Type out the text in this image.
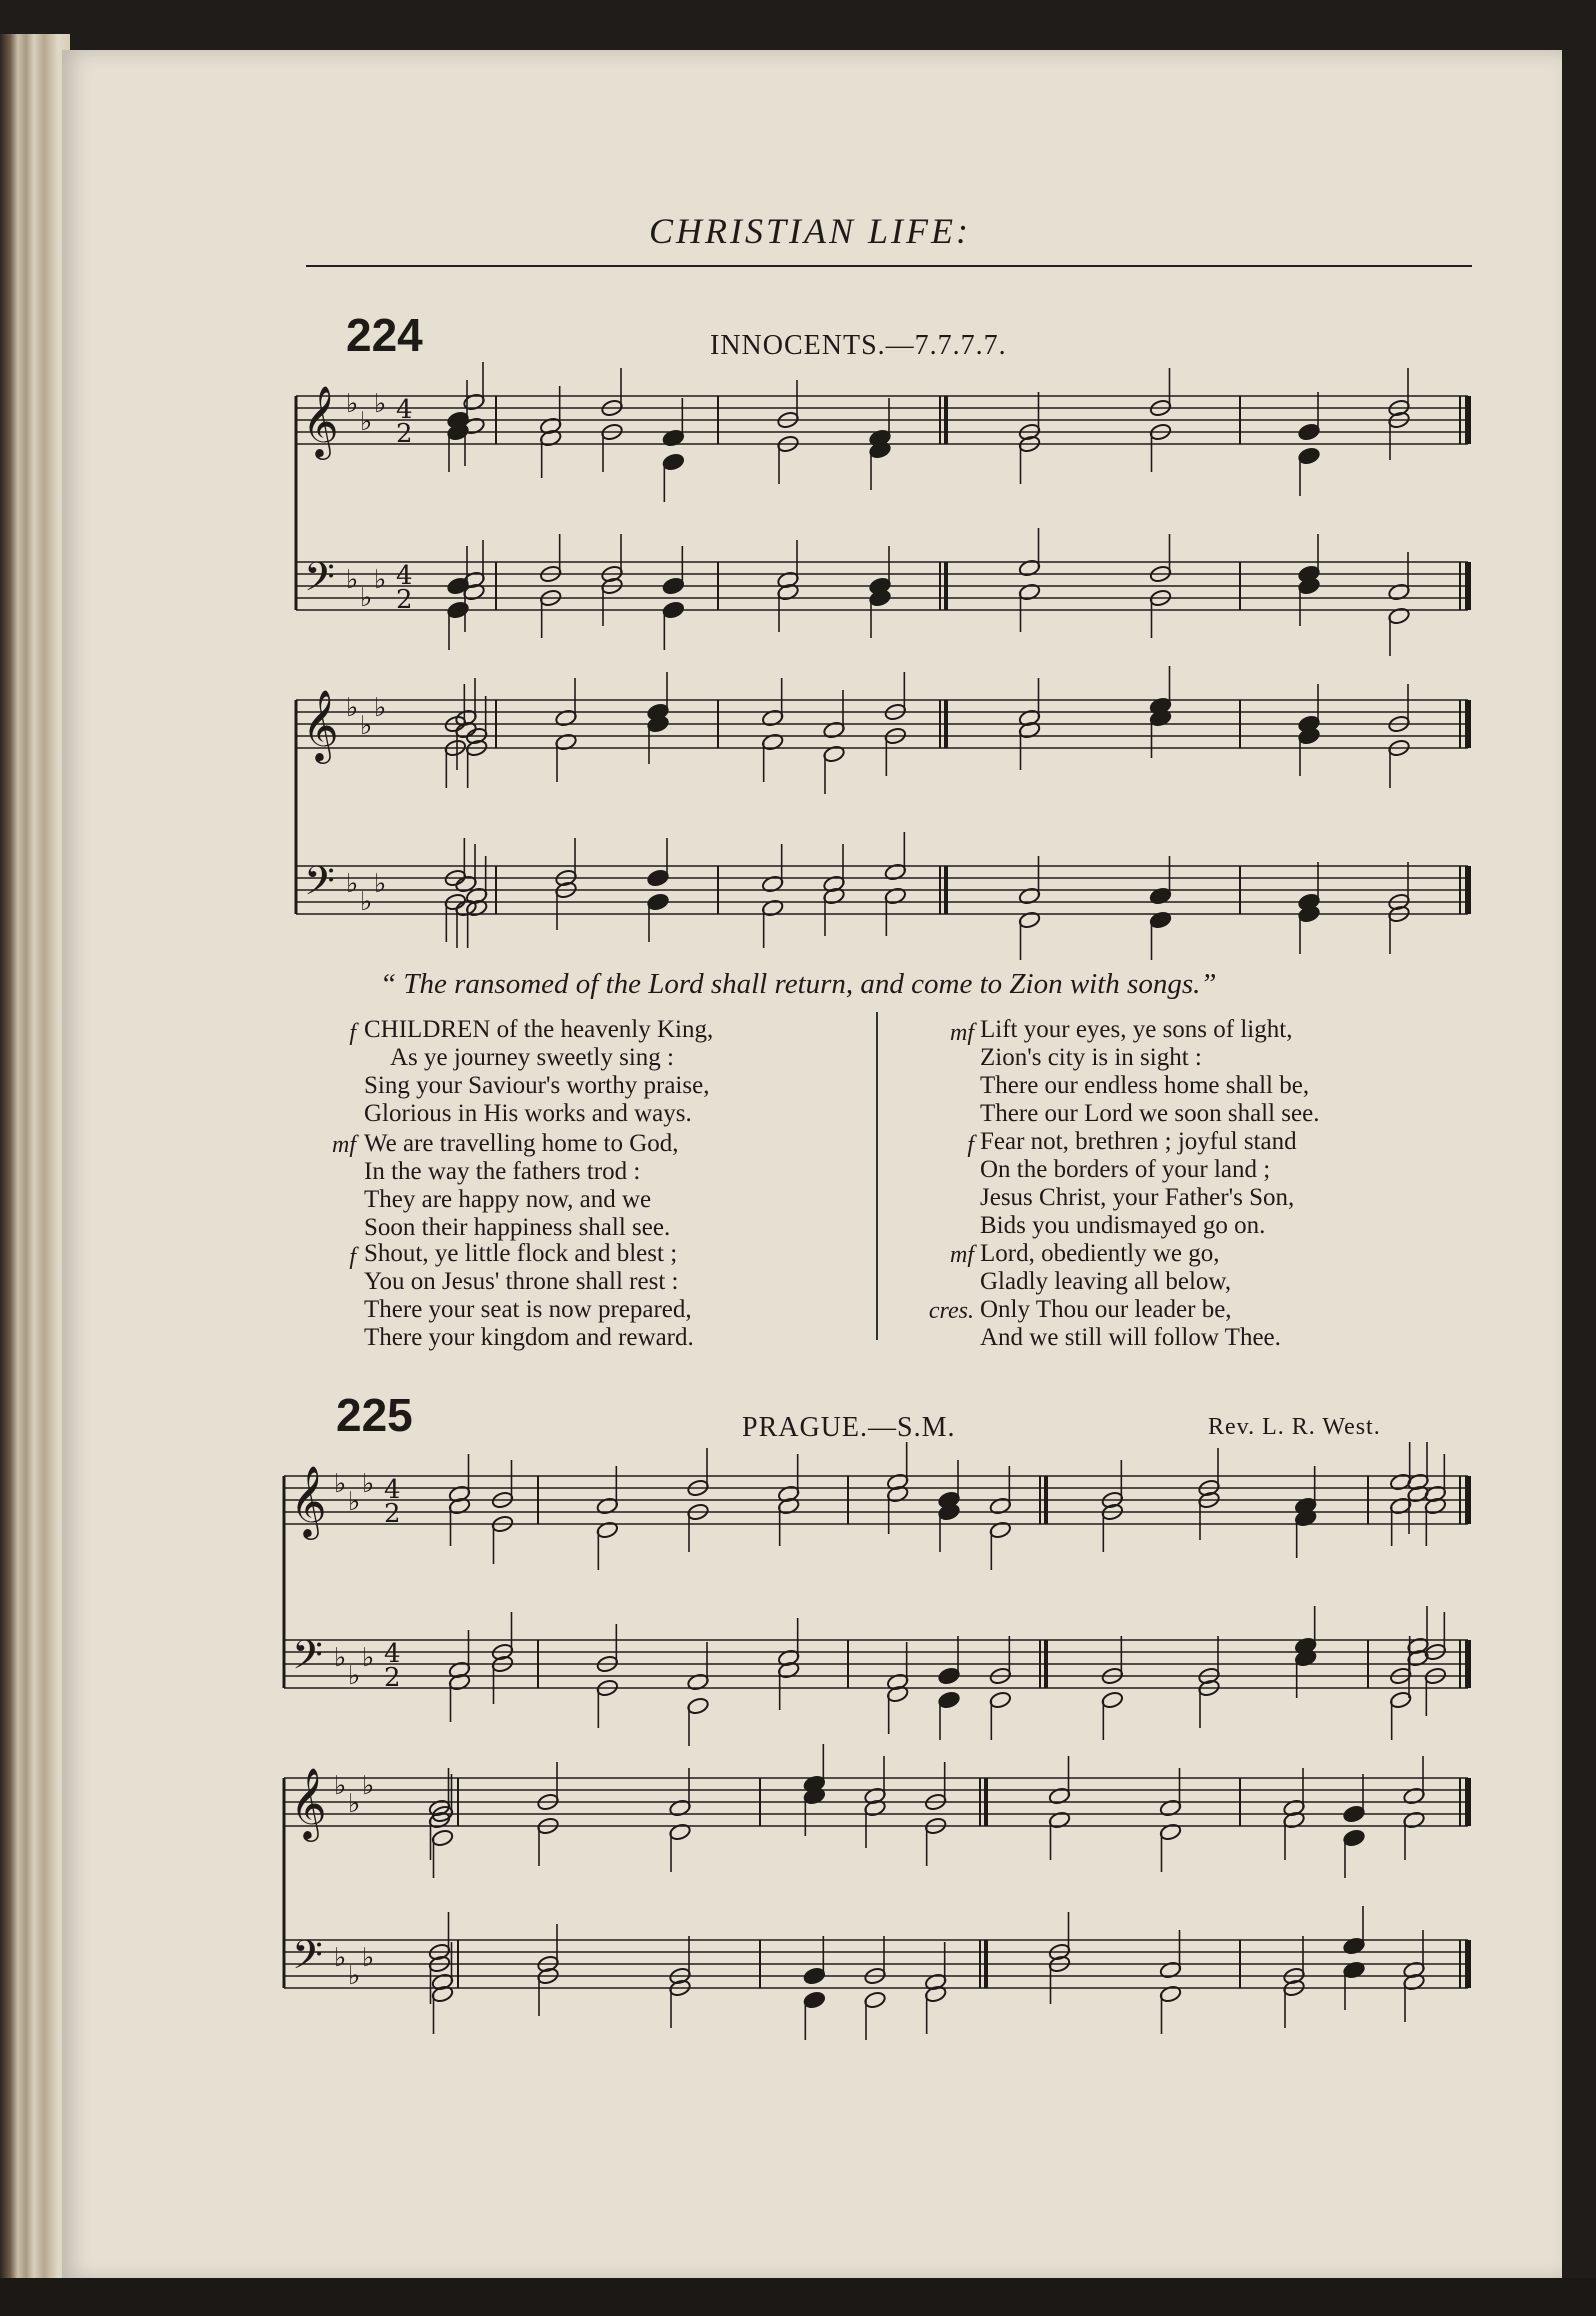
CHRISTIAN LIFE:
224	INNOCENTS.—7.7.7.7.
225	PRAGUE.—S.M.	Rev. L. R. West.
“ The ransomed of the Lord shall return, and come to Zion with songs.”
f CHILDREN of the heavenly King,
As ye journey sweetly sing :
Sing your Saviour's worthy praise,
Glorious in His works and ways.
mf We are travelling home to God,
In the way the fathers trod :
They are happy now, and we
Soon their happiness shall see.
f Shout, ye little flock and blest ;
You on Jesus' throne shall rest :
There your seat is now prepared,
There your kingdom and reward.
mf Lift your eyes, ye sons of light,
Zion's city is in sight :
There our endless home shall be,
There our Lord we soon shall see.
f Fear not, brethren ; joyful stand
On the borders of your land ;
Jesus Christ, your Father's Son,
Bids you undismayed go on.
mf Lord, obediently we go,
Gladly leaving all below,
cres. Only Thou our leader be,
And we still will follow Thee.
𝄞
𝄢
♭
♭
♭
♭
♭
♭
4
2
4
2
𝄞
𝄢
♭
♭
♭
♭
♭
♭
𝄞
𝄢
♭
♭
♭
♭
♭
♭
4
2
4
2
𝄞
𝄢
♭
♭
♭
♭
♭
♭
